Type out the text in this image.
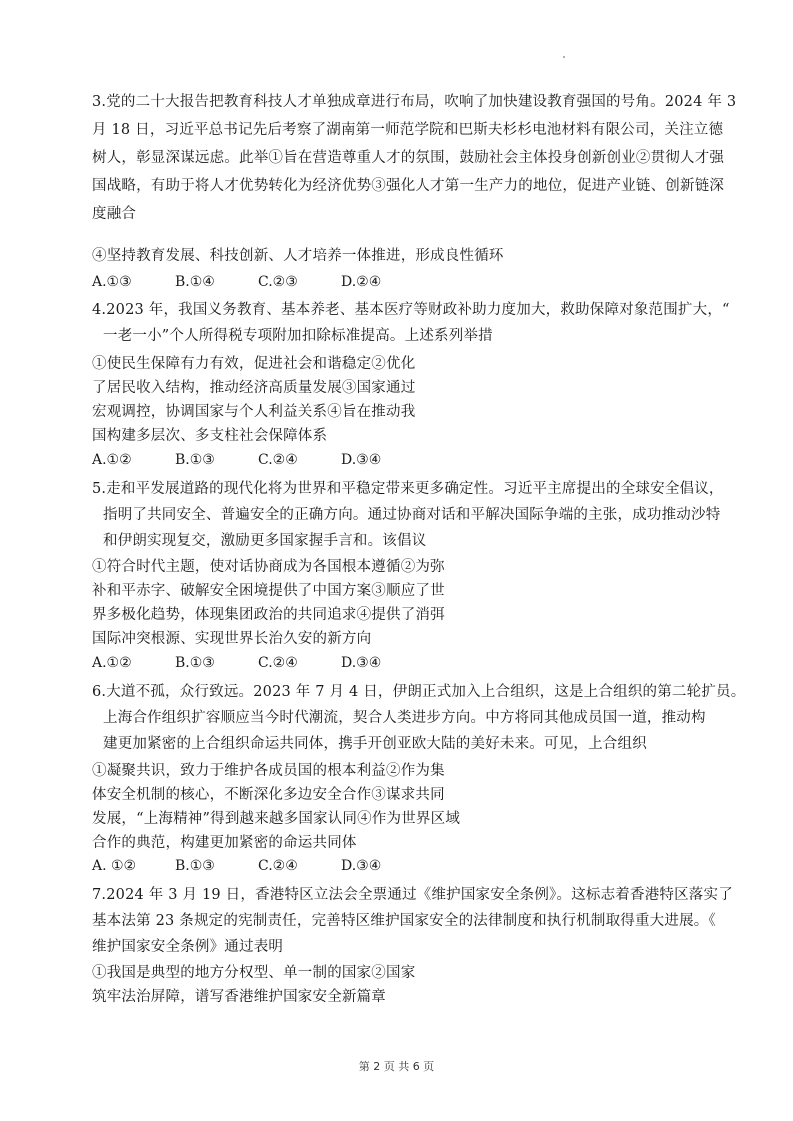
3.党的二十大报告把教育科技人才单独成章进行布局，吹响了加快建设教育强国的号角。2024 年 3
月 18 日，习近平总书记先后考察了湖南第一师范学院和巴斯夫杉杉电池材料有限公司，关注立德
树人，彰显深谋远虑。此举①旨在营造尊重人才的氛围，鼓励社会主体投身创新创业②贯彻人才强
国战略，有助于将人才优势转化为经济优势③强化人才第一生产力的地位，促进产业链、创新链深
度融合
④坚持教育发展、科技创新、人才培养一体推进，形成良性循环
A.①③	B.①④	C.②③	D.②④
4.2023 年，我国义务教育、基本养老、基本医疗等财政补助力度加大，救助保障对象范围扩大，“
一老一小”个人所得税专项附加扣除标准提高。上述系列举措
①使民生保障有力有效，促进社会和谐稳定②优化
了居民收入结构，推动经济高质量发展③国家通过
宏观调控，协调国家与个人利益关系④旨在推动我
国构建多层次、多支柱社会保障体系
A.①②	B.①③	C.②④	D.③④
5.走和平发展道路的现代化将为世界和平稳定带来更多确定性。习近平主席提出的全球安全倡议，
指明了共同安全、普遍安全的正确方向。通过协商对话和平解决国际争端的主张，成功推动沙特
和伊朗实现复交，激励更多国家握手言和。该倡议
①符合时代主题，使对话协商成为各国根本遵循②为弥
补和平赤字、破解安全困境提供了中国方案③顺应了世
界多极化趋势，体现集团政治的共同追求④提供了消弭
国际冲突根源、实现世界长治久安的新方向
A.①②	B.①③	C.②④	D.③④
6.大道不孤，众行致远。2023 年 7 月 4 日，伊朗正式加入上合组织，这是上合组织的第二轮扩员。
上海合作组织扩容顺应当今时代潮流，契合人类进步方向。中方将同其他成员国一道，推动构
建更加紧密的上合组织命运共同体，携手开创亚欧大陆的美好未来。可见，上合组织
①凝聚共识，致力于维护各成员国的根本利益②作为集
体安全机制的核心，不断深化多边安全合作③谋求共同
发展，“上海精神”得到越来越多国家认同④作为世界区域
合作的典范，构建更加紧密的命运共同体
A. ①②	B.①③	C.②④	D.③④
7.2024 年 3 月 19 日，香港特区立法会全票通过《维护国家安全条例》。这标志着香港特区落实了
基本法第 23 条规定的宪制责任，完善特区维护国家安全的法律制度和执行机制取得重大进展。《
维护国家安全条例》通过表明
①我国是典型的地方分权型、单一制的国家②国家
筑牢法治屏障，谱写香港维护国家安全新篇章
第 2 页 共 6 页
